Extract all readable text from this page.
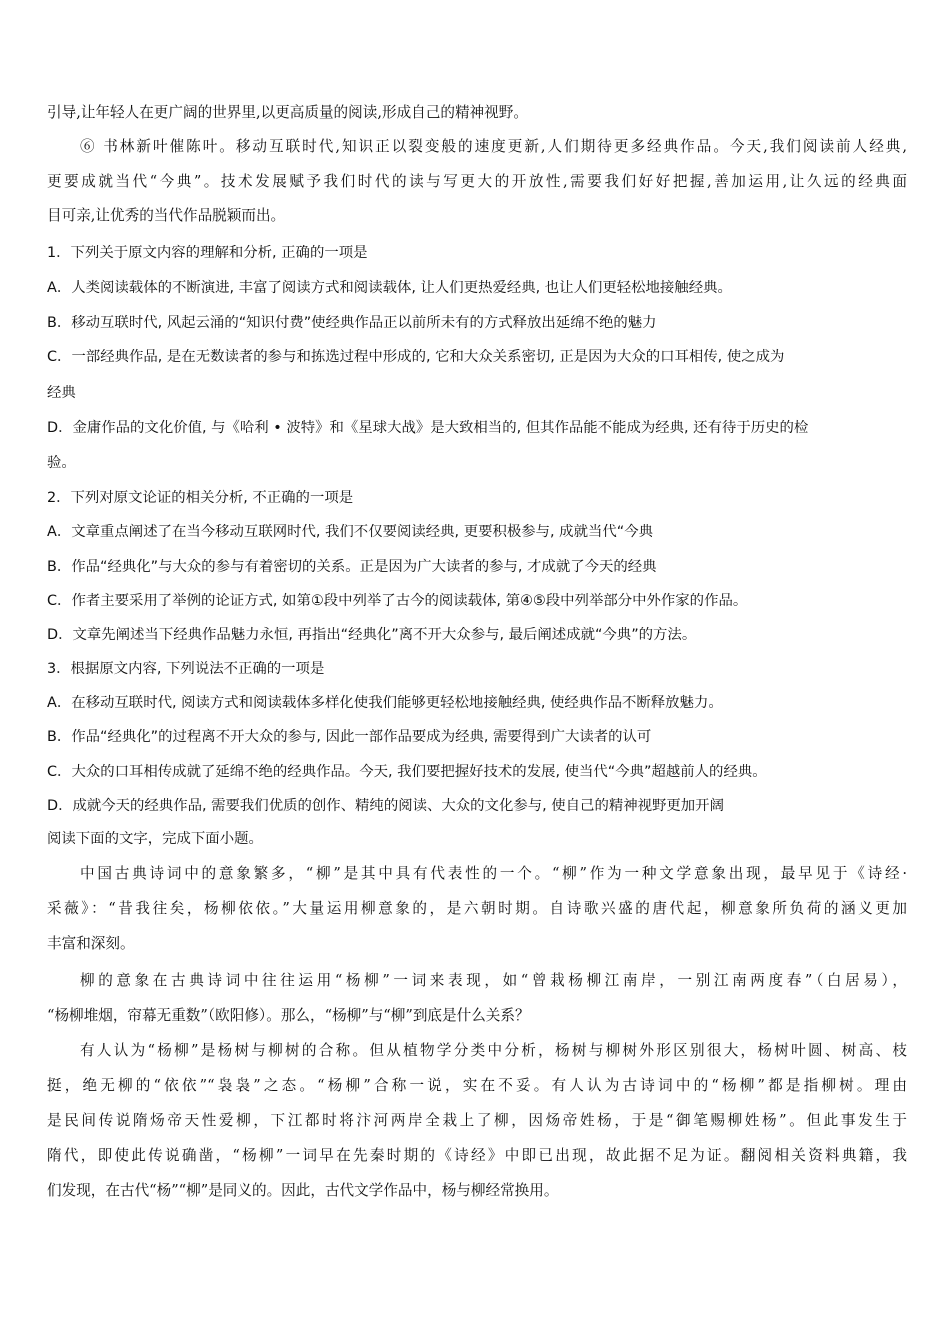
引导,让年轻人在更广阔的世界里,以更高质量的阅读,形成自己的精神视野。
⑥ 书林新叶催陈叶。移动互联时代,知识正以裂变般的速度更新,人们期待更多经典作品。今天,我们阅读前人经典,
更要成就当代“今典”。技术发展赋予我们时代的读与写更大的开放性,需要我们好好把握,善加运用,让久远的经典面
目可亲,让优秀的当代作品脱颖而出。
1．下列关于原文内容的理解和分析, 正确的一项是
A．人类阅读载体的不断演进, 丰富了阅读方式和阅读载体, 让人们更热爱经典, 也让人们更轻松地接触经典。
B．移动互联时代, 风起云涌的“知识付费”使经典作品正以前所未有的方式释放出延绵不绝的魅力
C．一部经典作品, 是在无数读者的参与和拣选过程中形成的, 它和大众关系密切, 正是因为大众的口耳相传, 使之成为
经典
D．金庸作品的文化价值, 与《哈利 • 波特》和《星球大战》是大致相当的, 但其作品能不能成为经典, 还有待于历史的检
验。
2．下列对原文论证的相关分析, 不正确的一项是
A．文章重点阐述了在当今移动互联网时代, 我们不仅要阅读经典, 更要积极参与, 成就当代“今典
B．作品“经典化”与大众的参与有着密切的关系。正是因为广大读者的参与, 才成就了今天的经典
C．作者主要采用了举例的论证方式, 如第①段中列举了古今的阅读载体, 第④⑤段中列举部分中外作家的作品。
D．文章先阐述当下经典作品魅力永恒, 再指出“经典化”离不开大众参与, 最后阐述成就“今典”的方法。
3．根据原文内容, 下列说法不正确的一项是
A．在移动互联时代, 阅读方式和阅读载体多样化使我们能够更轻松地接触经典, 使经典作品不断释放魅力。
B．作品“经典化”的过程离不开大众的参与, 因此一部作品要成为经典, 需要得到广大读者的认可
C．大众的口耳相传成就了延绵不绝的经典作品。今天, 我们要把握好技术的发展, 使当代“今典”超越前人的经典。
D．成就今天的经典作品, 需要我们优质的创作、精纯的阅读、大众的文化参与, 使自己的精神视野更加开阔
阅读下面的文字，完成下面小题。
中国古典诗词中的意象繁多，“柳”是其中具有代表性的一个。“柳”作为一种文学意象出现，最早见于《诗经·
采薇》：“昔我往矣，杨柳依依。”大量运用柳意象的，是六朝时期。自诗歌兴盛的唐代起，柳意象所负荷的涵义更加
丰富和深刻。
柳的意象在古典诗词中往往运用“杨柳”一词来表现，如“曾栽杨柳江南岸，一别江南两度春”（白居易），
“杨柳堆烟，帘幕无重数”（欧阳修）。那么，“杨柳”与“柳”到底是什么关系？
有人认为“杨柳”是杨树与柳树的合称。但从植物学分类中分析，杨树与柳树外形区别很大，杨树叶圆、树高、枝
挺，绝无柳的“依依”“袅袅”之态。“杨柳”合称一说，实在不妥。有人认为古诗词中的“杨柳”都是指柳树。理由
是民间传说隋炀帝天性爱柳，下江都时将汴河两岸全栽上了柳，因炀帝姓杨，于是“御笔赐柳姓杨”。但此事发生于
隋代，即使此传说确凿，“杨柳”一词早在先秦时期的《诗经》中即已出现，故此据不足为证。翻阅相关资料典籍，我
们发现，在古代“杨”“柳”是同义的。因此，古代文学作品中，杨与柳经常换用。
